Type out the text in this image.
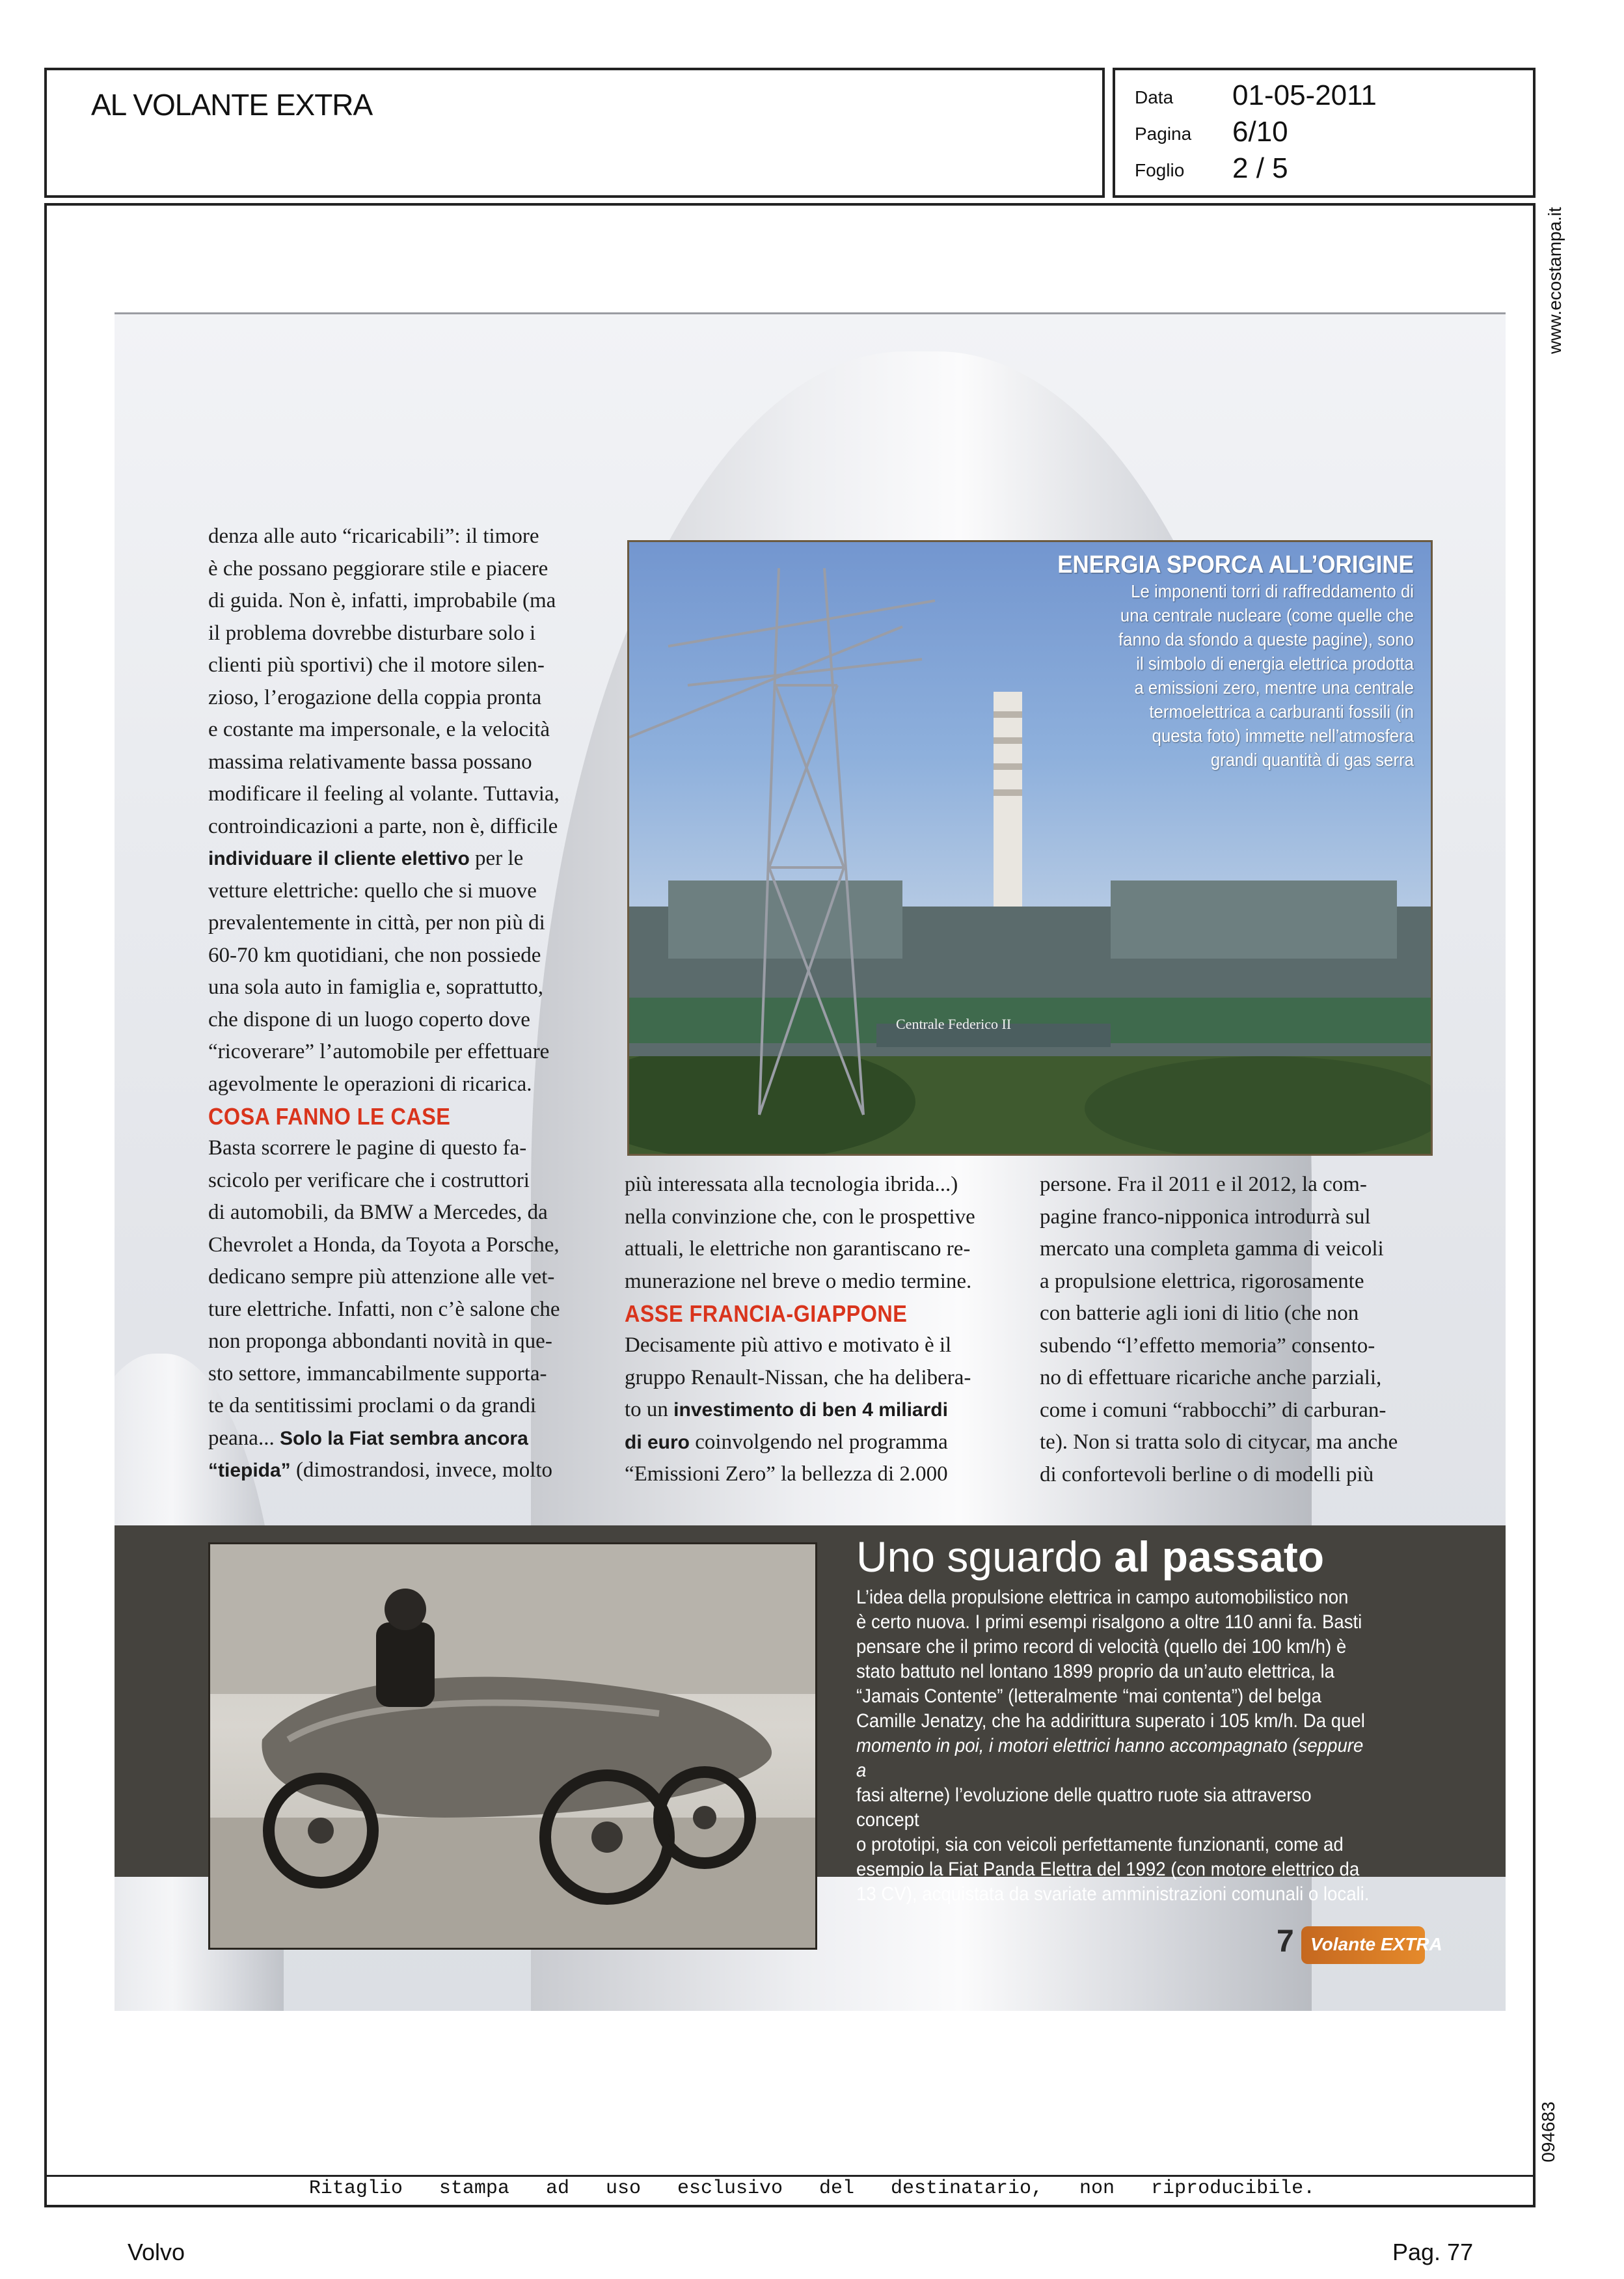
AL VOLANTE EXTRA	Data 01-05-2011
Pagina 6/10
Foglio 2 / 5
www.ecostampa.it
094683
denza alle auto “ricaricabili”: il timore
è che possano peggiorare stile e piacere
di guida. Non è, infatti, improbabile (ma
il problema dovrebbe disturbare solo i
clienti più sportivi) che il motore silen-
zioso, l’erogazione della coppia pronta
e costante ma impersonale, e la velocità
massima relativamente bassa possano
modificare il feeling al volante. Tuttavia,
controindicazioni a parte, non è, difficile
individuare il cliente elettivo per le
vetture elettriche: quello che si muove
prevalentemente in città, per non più di
60-70 km quotidiani, che non possiede
una sola auto in famiglia e, soprattutto,
che dispone di un luogo coperto dove
“ricoverare” l’automobile per effettuare
agevolmente le operazioni di ricarica.
COSA FANNO LE CASE
Basta scorrere le pagine di questo fa-
scicolo per verificare che i costruttori
di automobili, da BMW a Mercedes, da
Chevrolet a Honda, da Toyota a Porsche,
dedicano sempre più attenzione alle vet-
ture elettriche. Infatti, non c’è salone che
non proponga abbondanti novità in que-
sto settore, immancabilmente supporta-
te da sentitissimi proclami o da grandi
peana... Solo la Fiat sembra ancora
“tiepida” (dimostrandosi, invece, molto
più interessata alla tecnologia ibrida...)
nella convinzione che, con le prospettive
attuali, le elettriche non garantiscano re-
munerazione nel breve o medio termine.
ASSE FRANCIA-GIAPPONE
Decisamente più attivo e motivato è il
gruppo Renault-Nissan, che ha delibera-
to un investimento di ben 4 miliardi
di euro coinvolgendo nel programma
“Emissioni Zero” la bellezza di 2.000
persone. Fra il 2011 e il 2012, la com-
pagine franco-nipponica introdurrà sul
mercato una completa gamma di veicoli
a propulsione elettrica, rigorosamente
con batterie agli ioni di litio (che non
subendo “l’effetto memoria” consento-
no di effettuare ricariche anche parziali,
come i comuni “rabbocchi” di carburan-
te). Non si tratta solo di citycar, ma anche
di confortevoli berline o di modelli più
Centrale Federico II
ENERGIA SPORCA ALL’ORIGINE
Le imponenti torri di raffreddamento di
una centrale nucleare (come quelle che
fanno da sfondo a queste pagine), sono
il simbolo di energia elettrica prodotta
a emissioni zero, mentre una centrale
termoelettrica a carburanti fossili (in
questa foto) immette nell’atmosfera
grandi quantità di gas serra
Uno sguardo al passato
L’idea della propulsione elettrica in campo automobilistico non
è certo nuova. I primi esempi risalgono a oltre 110 anni fa. Basti
pensare che il primo record di velocità (quello dei 100 km/h) è
stato battuto nel lontano 1899 proprio da un’auto elettrica, la
“Jamais Contente” (letteralmente “mai contenta”) del belga
Camille Jenatzy, che ha addirittura superato i 105 km/h. Da quel
momento in poi, i motori elettrici hanno accompagnato (seppure a
fasi alterne) l’evoluzione delle quattro ruote sia attraverso concept
o prototipi, sia con veicoli perfettamente funzionanti, come ad
esempio la Fiat Panda Elettra del 1992 (con motore elettrico da
13 CV), acquistata da svariate amministrazioni comunali o locali.
7 Volante EXTRA
Ritaglio stampa ad uso esclusivo del destinatario, non riproducibile.
Volvo	Pag. 77
